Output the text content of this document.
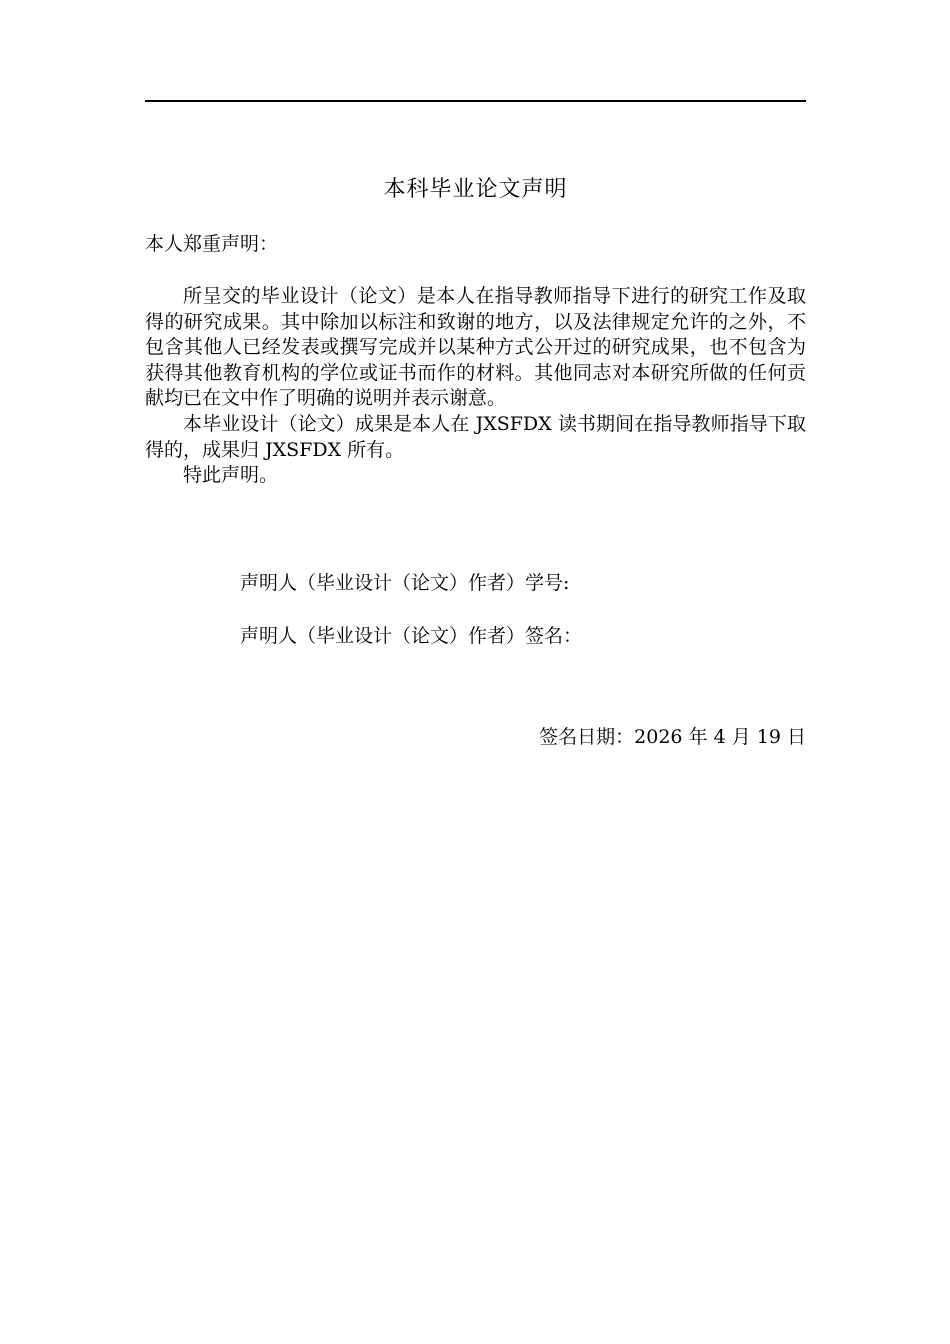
本科毕业论文声明

本人郑重声明：

所呈交的毕业设计（论文）是本人在指导教师指导下进行的研究工作及取得的研究成果。其中除加以标注和致谢的地方，以及法律规定允许的之外，不包含其他人已经发表或撰写完成并以某种方式公开过的研究成果，也不包含为获得其他教育机构的学位或证书而作的材料。其他同志对本研究所做的任何贡献均已在文中作了明确的说明并表示谢意。

本毕业设计（论文）成果是本人在 JXSFDX 读书期间在指导教师指导下取得的，成果归 JXSFDX 所有。

特此声明。

声明人（毕业设计（论文）作者）学号:
声明人（毕业设计（论文）作者）签名：
签名日期：2026 年 4 月 19 日
